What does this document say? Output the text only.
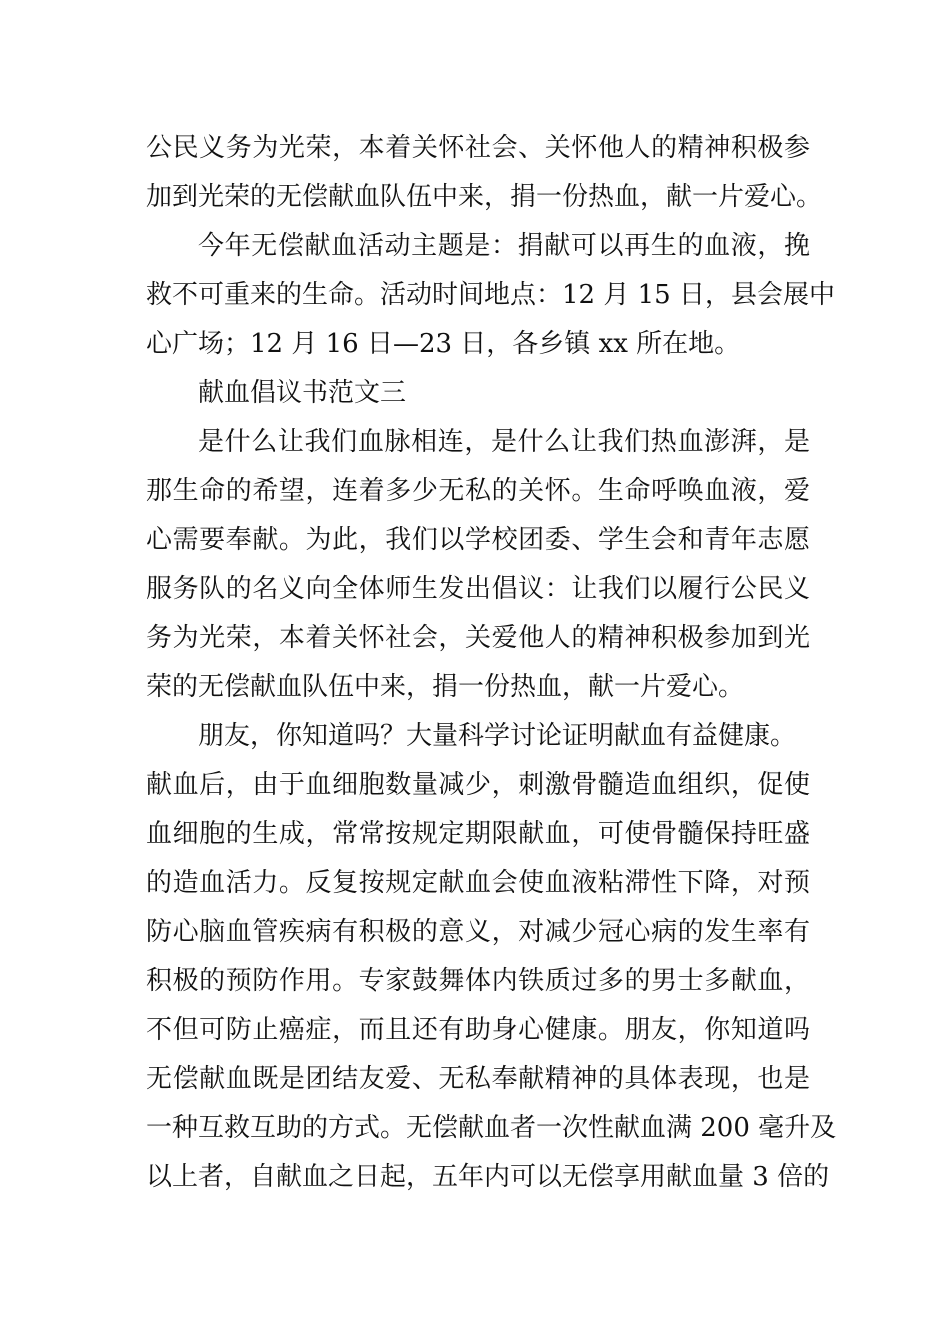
公民义务为光荣，本着关怀社会、关怀他人的精神积极参
加到光荣的无偿献血队伍中来，捐一份热血，献一片爱心。
今年无偿献血活动主题是：捐献可以再生的血液，挽
救不可重来的生命。活动时间地点：12 月 15 日，县会展中
心广场；12 月 16 日—23 日，各乡镇 xx 所在地。
献血倡议书范文三
是什么让我们血脉相连，是什么让我们热血澎湃，是
那生命的希望，连着多少无私的关怀。生命呼唤血液，爱
心需要奉献。为此，我们以学校团委、学生会和青年志愿
服务队的名义向全体师生发出倡议：让我们以履行公民义
务为光荣，本着关怀社会，关爱他人的精神积极参加到光
荣的无偿献血队伍中来，捐一份热血，献一片爱心。
朋友，你知道吗？大量科学讨论证明献血有益健康。
献血后，由于血细胞数量减少，刺激骨髓造血组织，促使
血细胞的生成，常常按规定期限献血，可使骨髓保持旺盛
的造血活力。反复按规定献血会使血液粘滞性下降，对预
防心脑血管疾病有积极的意义，对减少冠心病的发生率有
积极的预防作用。专家鼓舞体内铁质过多的男士多献血，
不但可防止癌症，而且还有助身心健康。朋友，你知道吗
无偿献血既是团结友爱、无私奉献精神的具体表现，也是
一种互救互助的方式。无偿献血者一次性献血满 200 毫升及
以上者，自献血之日起，五年内可以无偿享用献血量 3 倍的
